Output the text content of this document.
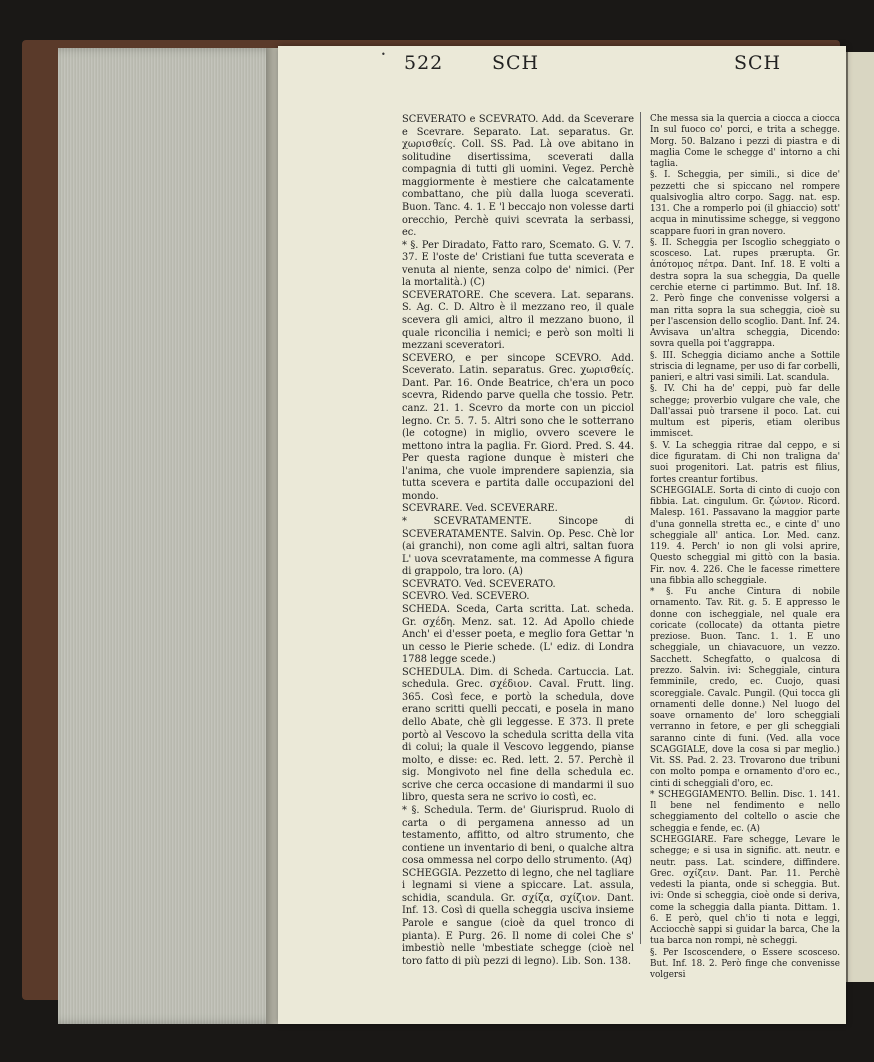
• 522	SCH	SCH

SCEVERATO e SCEVRATO. Add. da Sceverare e Scevrare. Separato. Lat. separatus. Gr. χωρισθείς. Coll. SS. Pad. Là ove abitano in solitudine disertissima, sceverati dalla compagnia di tutti gli uomini. Vegez. Perchè maggiormente è mestiere che calcatamente combattano, che più dalla luoga sceverati. Buon. Tanc. 4. 1. E 'l beccajo non volesse darti orecchio, Perchè quivi scevrata la serbassi, ec.

* §. Per Diradato, Fatto raro, Scemato. G. V. 7. 37. E l'oste de' Cristiani fue tutta sceverata e venuta al niente, senza colpo de' nimici. (Per la mortalità.) (C)

SCEVERATORE. Che scevera. Lat. separans. S. Ag. C. D. Altro è il mezzano reo, il quale scevera gli amici, altro il mezzano buono, il quale riconcilia i nemici; e però son molti li mezzani sceveratori.

SCEVERO, e per sincope SCEVRO. Add. Sceverato. Latin. separatus. Grec. χωρισθείς. Dant. Par. 16. Onde Beatrice, ch'era un poco scevra, Ridendo parve quella che tossio. Petr. canz. 21. 1. Scevro da morte con un picciol legno. Cr. 5. 7. 5. Altri sono che le sotterrano (le cotogne) in miglio, ovvero scevere le mettono intra la paglia. Fr. Giord. Pred. S. 44. Per questa ragione dunque è misteri che l'anima, che vuole imprendere sapienzia, sia tutta scevera e partita dalle occupazioni del mondo.

SCEVRARE. Ved. SCEVERARE.

* SCEVRATAMENTE. Sincope di SCEVERATAMENTE. Salvin. Op. Pesc. Chè lor (ai granchi), non come agli altri, saltan fuora L' uova scevratamente, ma commesse A figura di grappolo, tra loro. (A)

SCEVRATO. Ved. SCEVERATO.

SCEVRO. Ved. SCEVERO.

SCHEDA. Sceda, Carta scritta. Lat. scheda. Gr. σχέδη. Menz. sat. 12. Ad Apollo chiede Anch' ei d'esser poeta, e meglio fora Gettar 'n un cesso le Pierie schede. (L' ediz. di Londra 1788 legge scede.)

SCHEDULA. Dim. di Scheda. Cartuccia. Lat. schedula. Grec. σχέδιον. Caval. Frutt. ling. 365. Così fece, e portò la schedula, dove erano scritti quelli peccati, e posela in mano dello Abate, chè gli leggesse. E 373. Il prete portò al Vescovo la schedula scritta della vita di colui; la quale il Vescovo leggendo, pianse molto, e disse: ec. Red. lett. 2. 57. Perchè il sig. Mongivoto nel fine della schedula ec. scrive che cerca occasione di mandarmi il suo libro, questa sera ne scrivo io costì, ec.

* §. Schedula. Term. de' Giurisprud. Ruolo di carta o di pergamena annesso ad un testamento, affitto, od altro strumento, che contiene un inventario di beni, o qualche altra cosa ommessa nel corpo dello strumento. (Aq)

SCHEGGIA. Pezzetto di legno, che nel tagliare i legnami si viene a spiccare. Lat. assula, schidia, scandula. Gr. σχίζα, σχίζιον. Dant. Inf. 13. Così di quella scheggia usciva insieme Parole e sangue (cioè da quel tronco di pianta). E Purg. 26. Il nome di colei Che s' imbestiò nelle 'mbestiate schegge (cioè nel toro fatto di più pezzi di legno). Lib. Son. 138.

Che messa sia la quercia a ciocca a ciocca In sul fuoco co' porci, e trita a schegge. Morg. 50. Balzano i pezzi di piastra e di maglia Come le schegge d' intorno a chi taglia.

§. I. Scheggia, per simili., si dice de' pezzetti che si spiccano nel rompere qualsivoglia altro corpo. Sagg. nat. esp. 131. Che a romperlo poi (il ghiaccio) sott' acqua in minutissime schegge, si veggono scappare fuori in gran novero.

§. II. Scheggia per Iscoglio scheggiato o scosceso. Lat. rupes prærupta. Gr. ἀπότομος πέτρα. Dant. Inf. 18. E volti a destra sopra la sua scheggia, Da quelle cerchie eterne ci partimmo. But. Inf. 18. 2. Però finge che convenisse volgersi a man ritta sopra la sua scheggia, cioè su per l'ascension dello scoglio. Dant. Inf. 24. Avvisava un'altra scheggia, Dicendo: sovra quella poi t'aggrappa.

§. III. Scheggia diciamo anche a Sottile striscia di legname, per uso di far corbelli, panieri, e altri vasi simili. Lat. scandula.

§. IV. Chi ha de' ceppi, può far delle schegge; proverbio vulgare che vale, che Dall'assai può trarsene il poco. Lat. cui multum est piperis, etiam oleribus immiscet.

§. V. La scheggia ritrae dal ceppo, e si dice figuratam. di Chi non traligna da' suoi progenitori. Lat. patris est filius, fortes creantur fortibus.

SCHEGGIALE. Sorta di cinto di cuojo con fibbia. Lat. cingulum. Gr. ζώνιον. Ricord. Malesp. 161. Passavano la maggior parte d'una gonnella stretta ec., e cinte d' uno scheggiale all' antica. Lor. Med. canz. 119. 4. Perch' io non gli volsi aprire, Questo scheggial mi gittò con la basia. Fir. nov. 4. 226. Che le facesse rimettere una fibbia allo scheggiale.

* §. Fu anche Cintura di nobile ornamento. Tav. Rit. g. 5. E appresso le donne con ischeggiale, nel quale era coricate (collocate) da ottanta pietre preziose. Buon. Tanc. 1. 1. E uno scheggiale, un chiavacuore, un vezzo. Sacchett. Schegfatto, o qualcosa di prezzo. Salvin. ivi: Scheggiale, cintura femminile, credo, ec. Cuojo, quasi scoreggiale. Cavalc. Pungil. (Qui tocca gli ornamenti delle donne.) Nel luogo del soave ornamento de' loro scheggiali verranno in fetore, e per gli scheggiali saranno cinte di funi. (Ved. alla voce SCAGGIALE, dove la cosa si par meglio.) Vit. SS. Pad. 2. 23. Trovarono due tribuni con molto pompa e ornamento d'oro ec., cinti di scheggiali d'oro, ec.

* SCHEGGIAMENTO. Bellin. Disc. 1. 141. Il bene nel fendimento e nello scheggiamento del coltello o ascie che scheggia e fende, ec. (A)

SCHEGGIARE. Fare schegge, Levare le schegge; e si usa in signific. att. neutr. e neutr. pass. Lat. scindere, diffindere. Grec. σχίζειν. Dant. Par. 11. Perchè vedesti la pianta, onde si scheggia. But. ivi: Onde si scheggia, cioè onde si deriva, come la scheggia dalla pianta. Dittam. 1. 6. E però, quel ch'io ti nota e leggi, Acciocchè sappi si guidar la barca, Che la tua barca non rompi, nè scheggi.

§. Per Iscoscendere, o Essere scosceso. But. Inf. 18. 2. Però finge che convenisse volgersi
